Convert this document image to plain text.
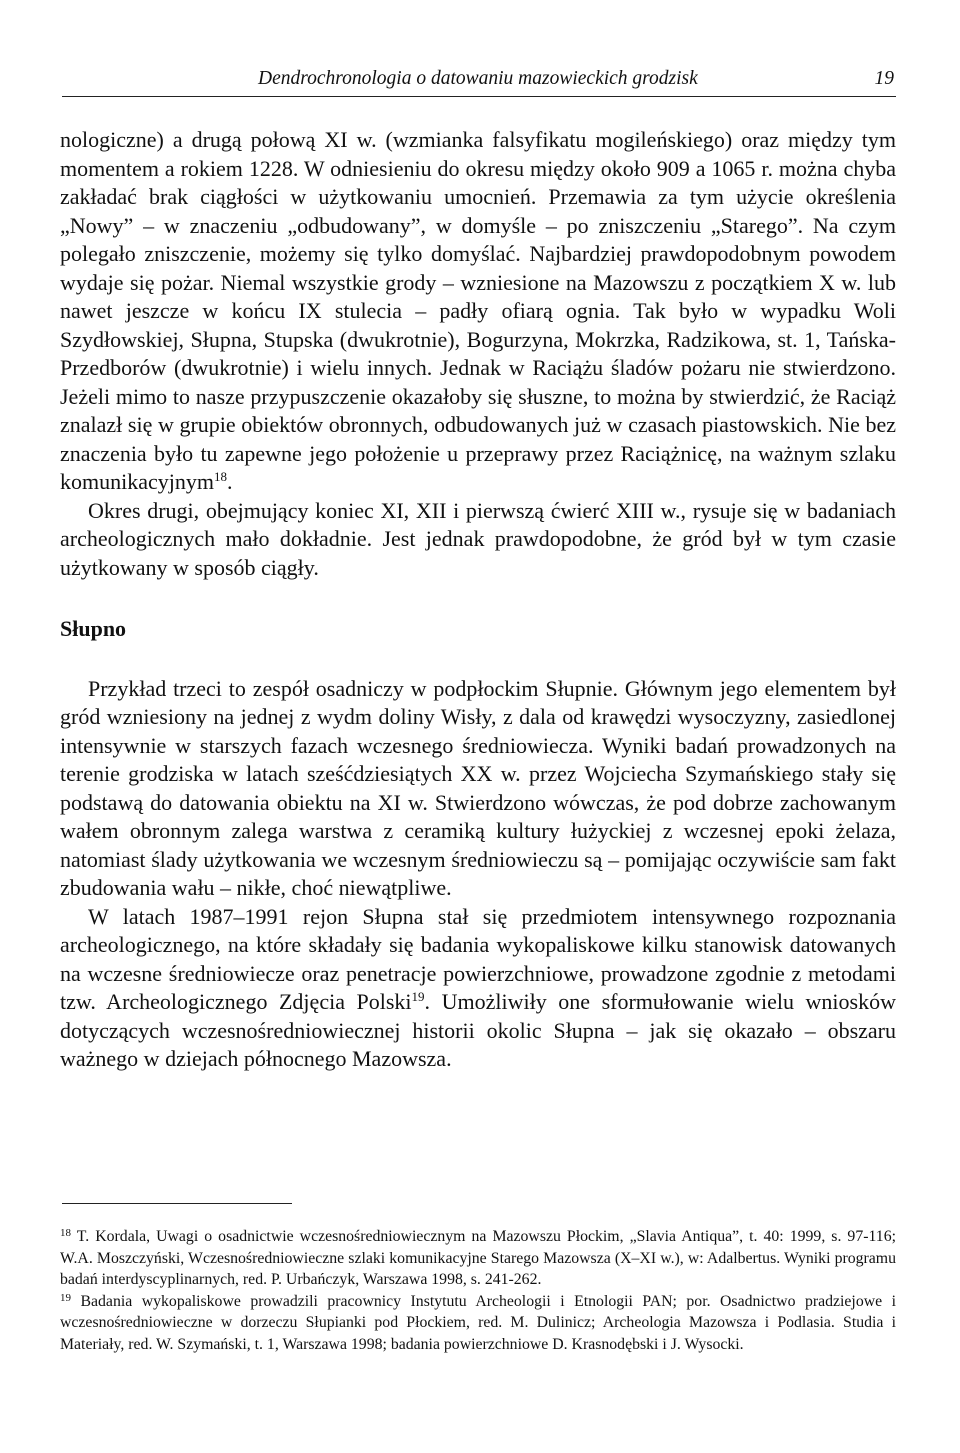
Dendrochronologia o datowaniu mazowieckich grodzisk	19

nologiczne) a drugą połową XI w. (wzmianka falsyfikatu mogileńskiego) oraz między tym momentem a rokiem 1228. W odniesieniu do okresu między około 909 a 1065 r. można chyba zakładać brak ciągłości w użytkowaniu umocnień. Przemawia za tym użycie określenia „Nowy” – w znaczeniu „odbudowany”, w domyśle – po zniszczeniu „Starego”. Na czym polegało zniszczenie, możemy się tylko domyślać. Najbardziej prawdopodobnym powodem wydaje się pożar. Niemal wszystkie grody – wzniesione na Mazowszu z początkiem X w. lub nawet jeszcze w końcu IX stulecia – padły ofiarą ognia. Tak było w wypadku Woli Szydłowskiej, Słupna, Stupska (dwukrotnie), Bogurzyna, Mokrzka, Radzikowa, st. 1, Tańska-Przedborów (dwukrotnie) i wielu innych. Jednak w Raciążu śladów pożaru nie stwierdzono. Jeżeli mimo to nasze przypuszczenie okazałoby się słuszne, to można by stwierdzić, że Raciąż znalazł się w grupie obiektów obronnych, odbudowanych już w czasach piastowskich. Nie bez znaczenia było tu zapewne jego położenie u przeprawy przez Raciążnicę, na ważnym szlaku komunikacyjnym$^{18}$.

Okres drugi, obejmujący koniec XI, XII i pierwszą ćwierć XIII w., rysuje się w badaniach archeologicznych mało dokładnie. Jest jednak prawdopodobne, że gród był w tym czasie użytkowany w sposób ciągły.

Słupno

Przykład trzeci to zespół osadniczy w podpłockim Słupnie. Głównym jego elementem był gród wzniesiony na jednej z wydm doliny Wisły, z dala od krawędzi wysoczyzny, zasiedlonej intensywnie w starszych fazach wczesnego średniowiecza. Wyniki badań prowadzonych na terenie grodziska w latach sześćdziesiątych XX w. przez Wojciecha Szymańskiego stały się podstawą do datowania obiektu na XI w. Stwierdzono wówczas, że pod dobrze zachowanym wałem obronnym zalega warstwa z ceramiką kultury łużyckiej z wczesnej epoki żelaza, natomiast ślady użytkowania we wczesnym średniowieczu są – pomijając oczywiście sam fakt zbudowania wału – nikłe, choć niewątpliwe.

W latach 1987–1991 rejon Słupna stał się przedmiotem intensywnego rozpoznania archeologicznego, na które składały się badania wykopaliskowe kilku stanowisk datowanych na wczesne średniowiecze oraz penetracje powierzchniowe, prowadzone zgodnie z metodami tzw. Archeologicznego Zdjęcia Polski$^{19}$. Umożliwiły one sformułowanie wielu wniosków dotyczących wczesnośredniowiecznej historii okolic Słupna – jak się okazało – obszaru ważnego w dziejach północnego Mazowsza.

$^{18}$ T. Kordala, Uwagi o osadnictwie wczesnośredniowiecznym na Mazowszu Płockim, „Slavia Antiqua”, t. 40: 1999, s. 97-116; W.A. Moszczyński, Wczesnośredniowieczne szlaki komunikacyjne Starego Mazowsza (X–XI w.), w: Adalbertus. Wyniki programu badań interdyscyplinarnych, red. P. Urbańczyk, Warszawa 1998, s. 241-262.

$^{19}$ Badania wykopaliskowe prowadzili pracownicy Instytutu Archeologii i Etnologii PAN; por. Osadnictwo pradziejowe i wczesnośredniowieczne w dorzeczu Słupianki pod Płockiem, red. M. Dulinicz; Archeologia Mazowsza i Podlasia. Studia i Materiały, red. W. Szymański, t. 1, Warszawa 1998; badania powierzchniowe D. Krasnodębski i J. Wysocki.
